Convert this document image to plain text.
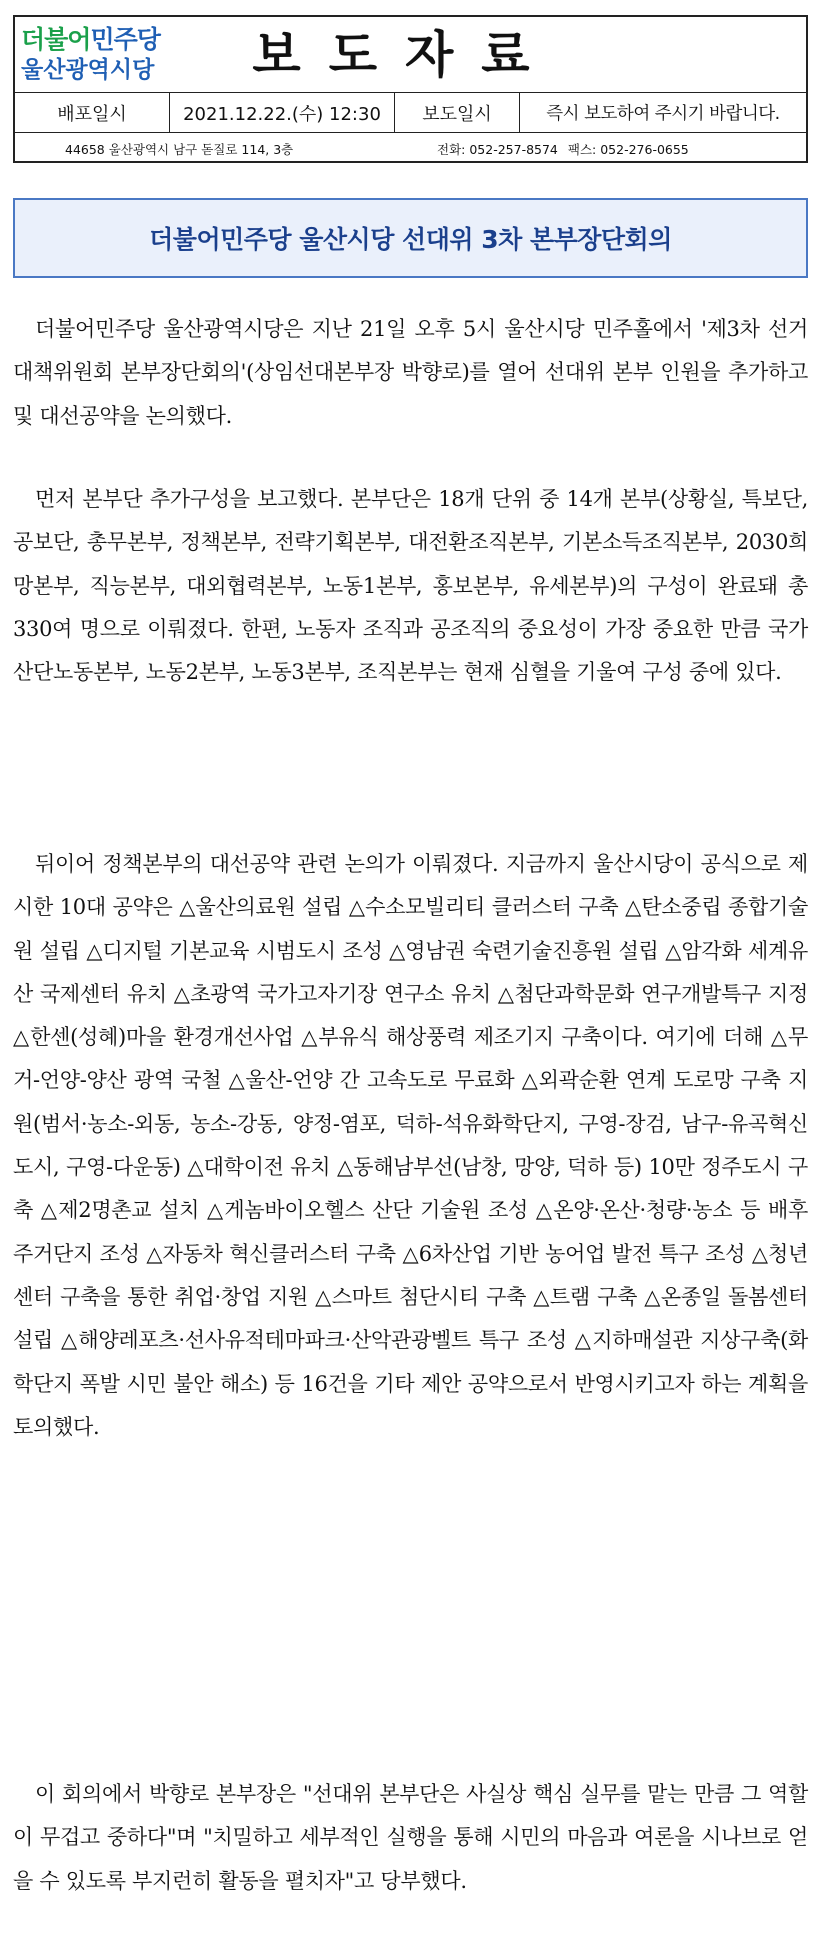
더불어민주당
울산광역시당	보도자료
배포일시	2021.12.22.(수) 12:30	보도일시	즉시 보도하여 주시기 바랍니다.
44658 울산광역시 남구 돋질로 114, 3층	전화: 052-257-8574 팩스: 052-276-0655
더불어민주당 울산시당 선대위 3차 본부장단회의

더불어민주당 울산광역시당은 지난 21일 오후 5시 울산시당 민주홀에서 '제3차 선거대책위원회 본부장단회의'(상임선대본부장 박향로)를 열어 선대위 본부 인원을 추가하고 및 대선공약을 논의했다.

먼저 본부단 추가구성을 보고했다. 본부단은 18개 단위 중 14개 본부(상황실, 특보단, 공보단, 총무본부, 정책본부, 전략기획본부, 대전환조직본부, 기본소득조직본부, 2030희망본부, 직능본부, 대외협력본부, 노동1본부, 홍보본부, 유세본부)의 구성이 완료돼 총 330여 명으로 이뤄졌다. 한편, 노동자 조직과 공조직의 중요성이 가장 중요한 만큼 국가산단노동본부, 노동2본부, 노동3본부, 조직본부는 현재 심혈을 기울여 구성 중에 있다.

뒤이어 정책본부의 대선공약 관련 논의가 이뤄졌다. 지금까지 울산시당이 공식으로 제시한 10대 공약은 △울산의료원 설립 △수소모빌리티 클러스터 구축 △탄소중립 종합기술원 설립 △디지털 기본교육 시범도시 조성 △영남권 숙련기술진흥원 설립 △암각화 세계유산 국제센터 유치 △초광역 국가고자기장 연구소 유치 △첨단과학문화 연구개발특구 지정 △한센(성혜)마을 환경개선사업 △부유식 해상풍력 제조기지 구축이다. 여기에 더해 △무거-언양-양산 광역 국철 △울산-언양 간 고속도로 무료화 △외곽순환 연계 도로망 구축 지원(범서·농소-외동, 농소-강동, 양정-염포, 덕하-석유화학단지, 구영-장검, 남구-유곡혁신도시, 구영-다운동) △대학이전 유치 △동해남부선(남창, 망양, 덕하 등) 10만 정주도시 구축 △제2명촌교 설치 △게놈바이오헬스 산단 기술원 조성 △온양·온산·청량·농소 등 배후 주거단지 조성 △자동차 혁신클러스터 구축 △6차산업 기반 농어업 발전 특구 조성 △청년센터 구축을 통한 취업·창업 지원 △스마트 첨단시티 구축 △트램 구축 △온종일 돌봄센터 설립 △해양레포츠·선사유적테마파크·산악관광벨트 특구 조성 △지하매설관 지상구축(화학단지 폭발 시민 불안 해소) 등 16건을 기타 제안 공약으로서 반영시키고자 하는 계획을 토의했다.

이 회의에서 박향로 본부장은 "선대위 본부단은 사실상 핵심 실무를 맡는 만큼 그 역할이 무겁고 중하다"며 "치밀하고 세부적인 실행을 통해 시민의 마음과 여론을 시나브로 얻을 수 있도록 부지런히 활동을 펼치자"고 당부했다.
